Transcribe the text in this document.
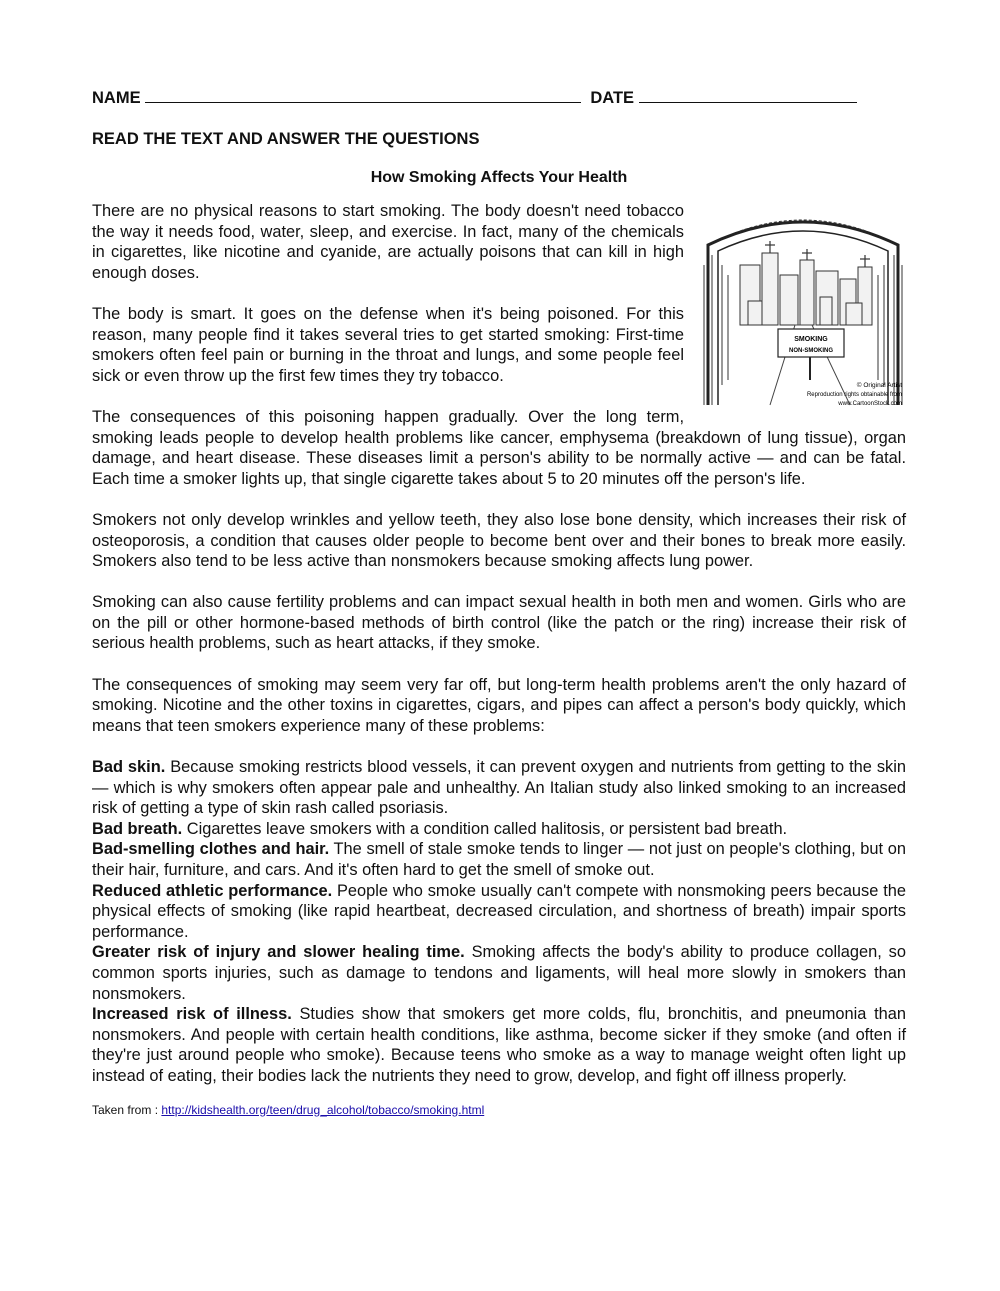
NAME	DATE
READ THE TEXT AND ANSWER THE QUESTIONS
How Smoking Affects Your Health
SMOKING
NON-SMOKING
© Original Artist
Reproduction rights obtainable from
www.CartoonStock.com

There are no physical reasons to start smoking. The body doesn't need tobacco the way it needs food, water, sleep, and exercise. In fact, many of the chemicals in cigarettes, like nicotine and cyanide, are actually poisons that can kill in high enough doses.

The body is smart. It goes on the defense when it's being poisoned. For this reason, many people find it takes several tries to get started smoking: First-time smokers often feel pain or burning in the throat and lungs, and some people feel sick or even throw up the first few times they try tobacco.

The consequences of this poisoning happen gradually. Over the long term, smoking leads people to develop health problems like cancer, emphysema (breakdown of lung tissue), organ damage, and heart disease. These diseases limit a person's ability to be normally active — and can be fatal. Each time a smoker lights up, that single cigarette takes about 5 to 20 minutes off the person's life.

Smokers not only develop wrinkles and yellow teeth, they also lose bone density, which increases their risk of osteoporosis, a condition that causes older people to become bent over and their bones to break more easily. Smokers also tend to be less active than nonsmokers because smoking affects lung power.

Smoking can also cause fertility problems and can impact sexual health in both men and women. Girls who are on the pill or other hormone-based methods of birth control (like the patch or the ring) increase their risk of serious health problems, such as heart attacks, if they smoke.

The consequences of smoking may seem very far off, but long-term health problems aren't the only hazard of smoking. Nicotine and the other toxins in cigarettes, cigars, and pipes can affect a person's body quickly, which means that teen smokers experience many of these problems:

Bad skin. Because smoking restricts blood vessels, it can prevent oxygen and nutrients from getting to the skin — which is why smokers often appear pale and unhealthy. An Italian study also linked smoking to an increased risk of getting a type of skin rash called psoriasis.

Bad breath. Cigarettes leave smokers with a condition called halitosis, or persistent bad breath.

Bad-smelling clothes and hair. The smell of stale smoke tends to linger — not just on people's clothing, but on their hair, furniture, and cars. And it's often hard to get the smell of smoke out.

Reduced athletic performance. People who smoke usually can't compete with nonsmoking peers because the physical effects of smoking (like rapid heartbeat, decreased circulation, and shortness of breath) impair sports performance.

Greater risk of injury and slower healing time. Smoking affects the body's ability to produce collagen, so common sports injuries, such as damage to tendons and ligaments, will heal more slowly in smokers than nonsmokers.

Increased risk of illness. Studies show that smokers get more colds, flu, bronchitis, and pneumonia than nonsmokers. And people with certain health conditions, like asthma, become sicker if they smoke (and often if they're just around people who smoke). Because teens who smoke as a way to manage weight often light up instead of eating, their bodies lack the nutrients they need to grow, develop, and fight off illness properly.

Taken from : http://kidshealth.org/teen/drug_alcohol/tobacco/smoking.html
